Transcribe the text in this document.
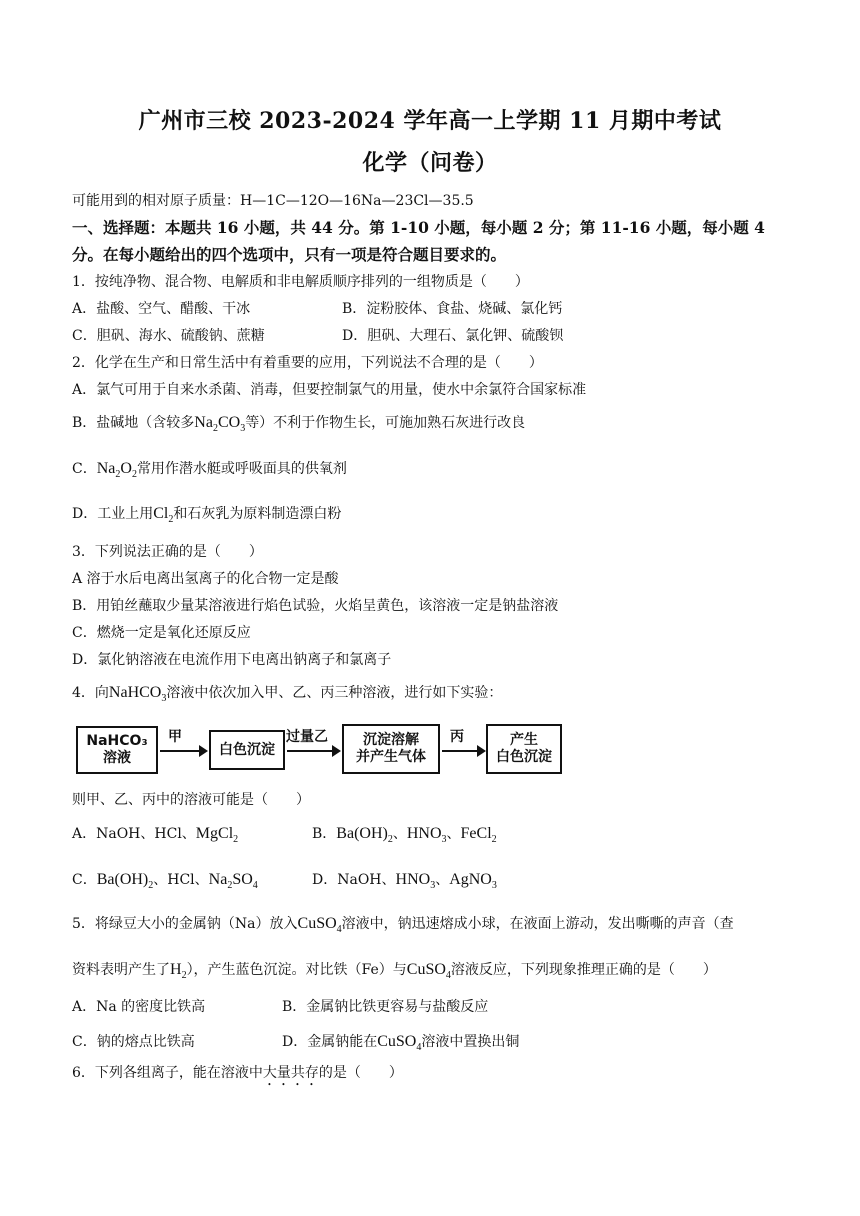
广州市三校 2023-2024 学年高一上学期 11 月期中考试
化学（问卷）
可能用到的相对原子质量：H—1C—12O—16Na—23Cl—35.5
一、选择题：本题共 16 小题，共 44 分。第 1-10 小题，每小题 2 分；第 11-16 小题，每小题 4
分。在每小题给出的四个选项中，只有一项是符合题目要求的。
1．按纯净物、混合物、电解质和非电解质顺序排列的一组物质是（　　）
A．盐酸、空气、醋酸、干冰	B．淀粉胶体、食盐、烧碱、氯化钙
C．胆矾、海水、硫酸钠、蔗糖	D．胆矾、大理石、氯化钾、硫酸钡
2．化学在生产和日常生活中有着重要的应用，下列说法不合理的是（　　）
A．氯气可用于自来水杀菌、消毒，但要控制氯气的用量，使水中余氯符合国家标准
B．盐碱地（含较多$Na_2CO_3$等）不利于作物生长，可施加熟石灰进行改良
C．$Na_2O_2$常用作潜水艇或呼吸面具的供氧剂
D．工业上用$Cl_2$和石灰乳为原料制造漂白粉
3．下列说法正确的是（　　）
A 溶于水后电离出氢离子的化合物一定是酸
B．用铂丝蘸取少量某溶液进行焰色试验，火焰呈黄色，该溶液一定是钠盐溶液
C．燃烧一定是氧化还原反应
D．氯化钠溶液在电流作用下电离出钠离子和氯离子
4．向NaHCO$_3$溶液中依次加入甲、乙、丙三种溶液，进行如下实验：
NaHCO₃
溶液
甲
白色沉淀
过量乙	沉淀溶解
并产生气体
丙	产生
白色沉淀
则甲、乙、丙中的溶液可能是（　　）
A．NaOH、HCl、MgCl$_2$	B．$Ba(OH)_2$、$HNO_3$、FeCl$_2$
C．$Ba(OH)_2$、HCl、$Na_2SO_4$	D．NaOH、$HNO_3$、AgNO$_3$
5．将绿豆大小的金属钠（Na）放入CuSO$_4$溶液中，钠迅速熔成小球，在液面上游动，发出嘶嘶的声音（查
资料表明产生了$H_2$），产生蓝色沉淀。对比铁（Fe）与CuSO$_4$溶液反应，下列现象推理正确的是（　　）
A．Na 的密度比铁高	B．金属钠比铁更容易与盐酸反应
C．钠的熔点比铁高	D．金属钠能在CuSO$_4$溶液中置换出铜
6．下列各组离子，能在溶液中大量共存的是（　　）
